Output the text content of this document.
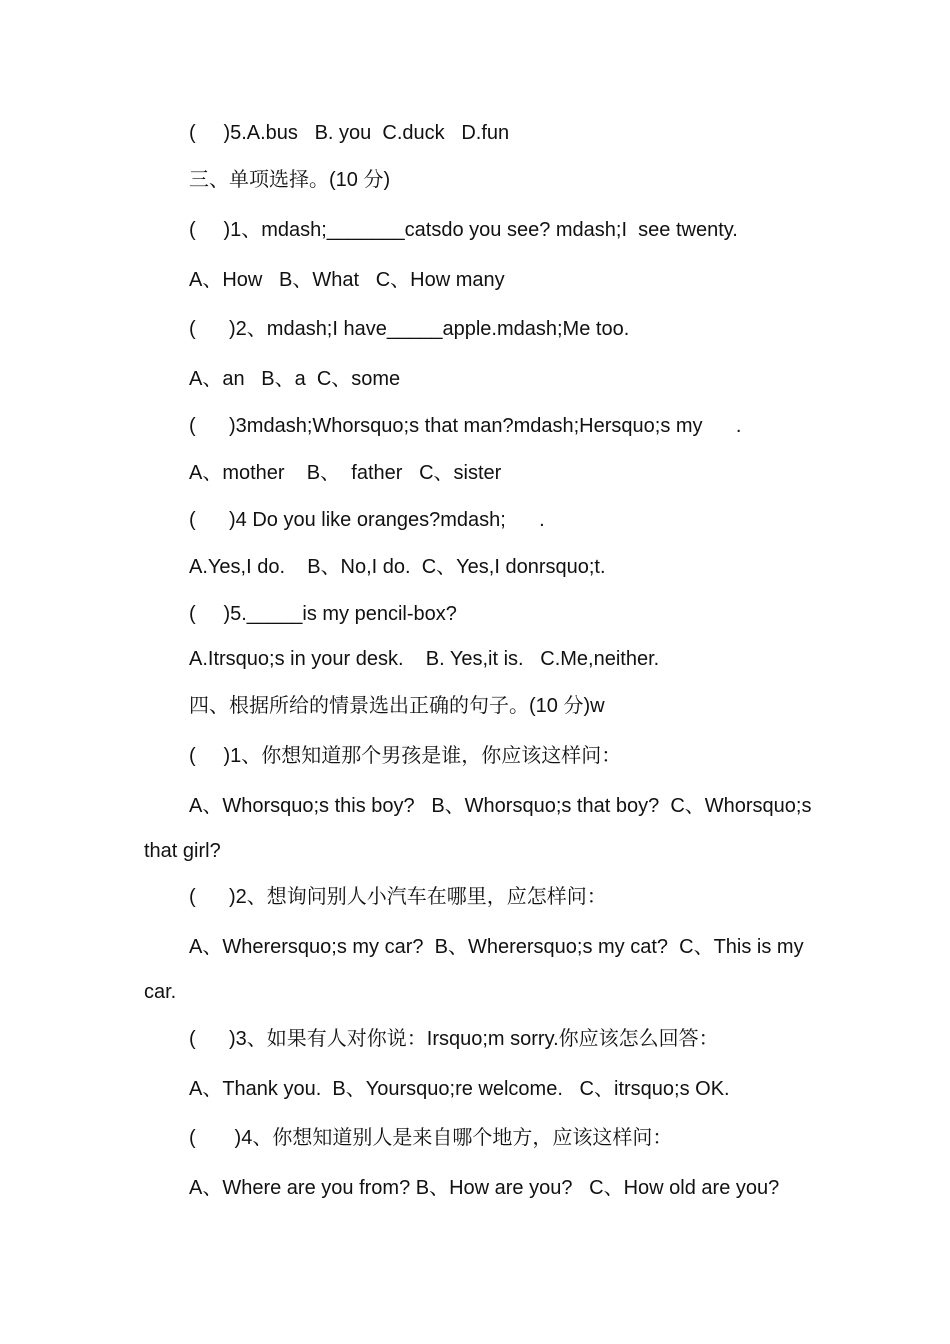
(     )5.A.bus   B. you  C.duck   D.fun
三、单项选择。(10 分)
(     )1、mdash;_______catsdo you see? mdash;I  see twenty.
A、How   B、What   C、How many
(      )2、mdash;I have_____apple.mdash;Me too.
A、an   B、a  C、some
(      )3mdash;Whorsquo;s that man?mdash;Hersquo;s my      .
A、mother    B、  father   C、sister
(      )4 Do you like oranges?mdash;      .
A.Yes,I do.    B、No,I do.  C、Yes,I donrsquo;t.
(     )5._____is my pencil-box?
A.Itrsquo;s in your desk.    B. Yes,it is.   C.Me,neither.
四、根据所给的情景选出正确的句子。(10 分)w
(     )1、你想知道那个男孩是谁，你应该这样问：
A、Whorsquo;s this boy?   B、Whorsquo;s that boy?  C、Whorsquo;s
that girl?
(      )2、想询问别人小汽车在哪里，应怎样问：
A、Wherersquo;s my car?  B、Wherersquo;s my cat?  C、This is my
car.
(      )3、如果有人对你说：Irsquo;m sorry.你应该怎么回答：
A、Thank you.  B、Yoursquo;re welcome.   C、itrsquo;s OK.
(       )4、你想知道别人是来自哪个地方，应该这样问：
A、Where are you from? B、How are you?   C、How old are you?
